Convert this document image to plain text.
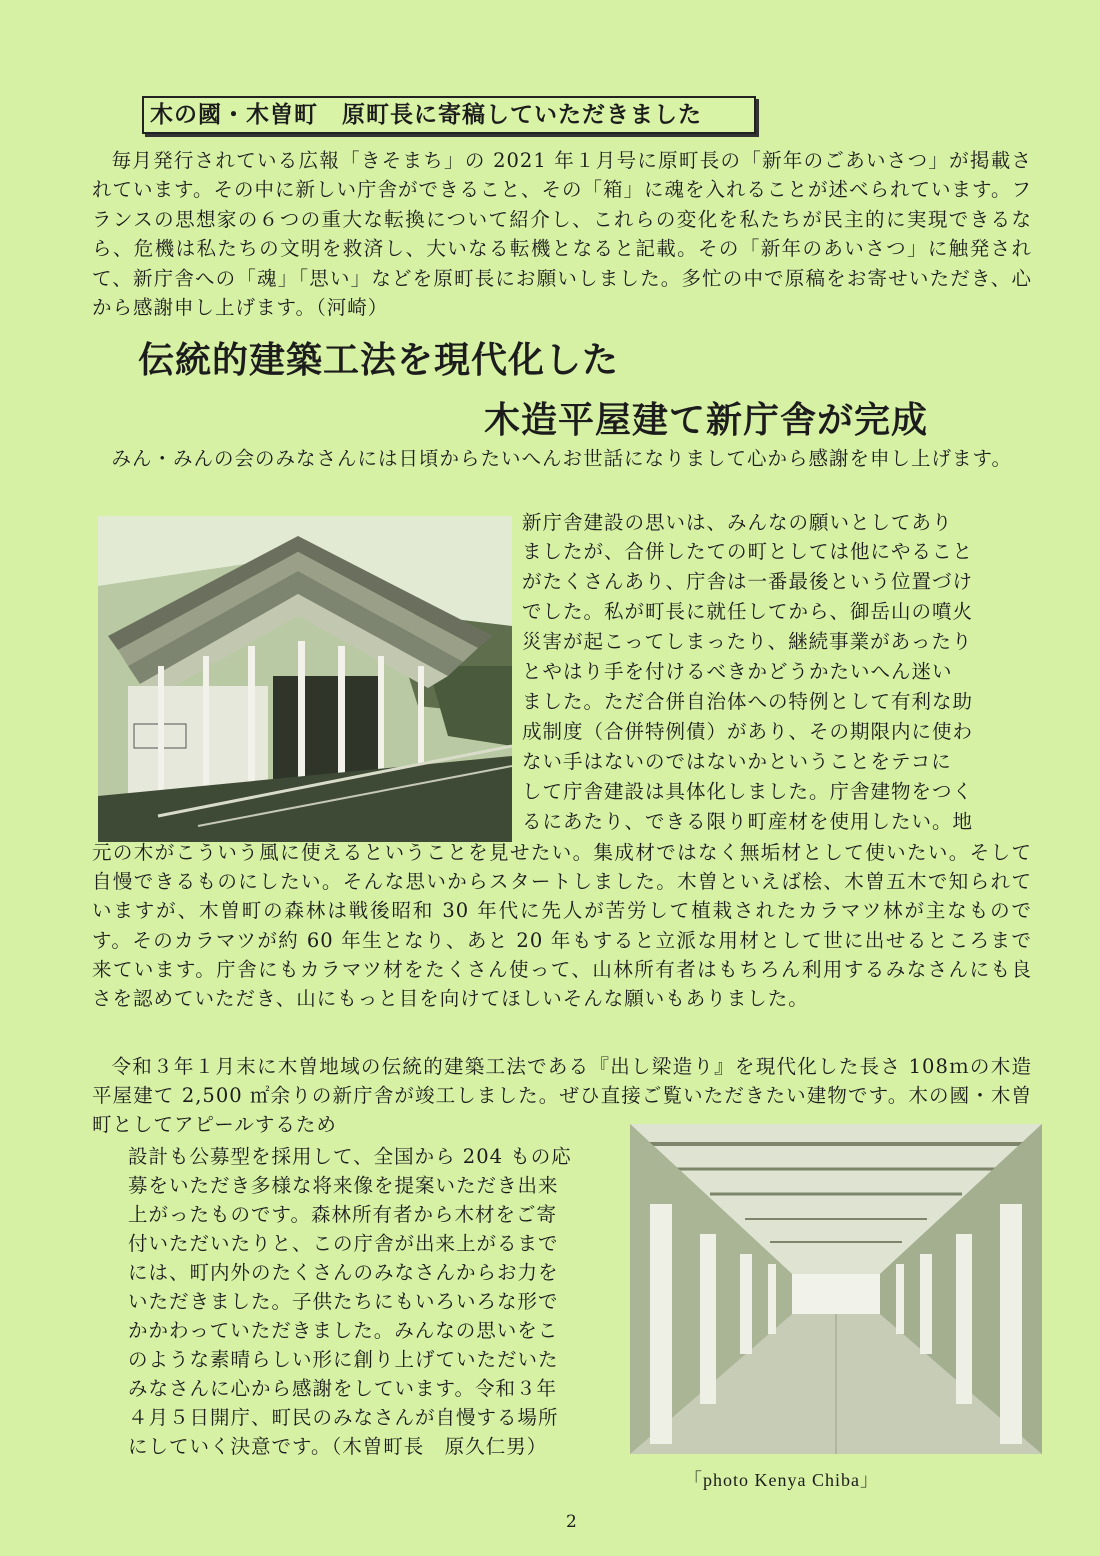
木の國・木曽町　原町長に寄稿していただきました

毎月発行されている広報「きそまち」の 2021 年１月号に原町長の「新年のごあいさつ」が掲載されています。その中に新しい庁舎ができること、その「箱」に魂を入れることが述べられています。フランスの思想家の６つの重大な転換について紹介し、これらの変化を私たちが民主的に実現できるなら、危機は私たちの文明を救済し、大いなる転機となると記載。その「新年のあいさつ」に触発されて、新庁舎への「魂」「思い」などを原町長にお願いしました。多忙の中で原稿をお寄せいただき、心から感謝申し上げます。（河崎）

伝統的建築工法を現代化した
木造平屋建て新庁舎が完成

みん・みんの会のみなさんには日頃からたいへんお世話になりまして心から感謝を申し上げます。

新庁舎建設の思いは、みんなの願いとしてあり

ましたが、合併したての町としては他にやること

がたくさんあり、庁舎は一番最後という位置づけ

でした。私が町長に就任してから、御岳山の噴火

災害が起こってしまったり、継続事業があったり

とやはり手を付けるべきかどうかたいへん迷い

ました。ただ合併自治体への特例として有利な助

成制度（合併特例債）があり、その期限内に使わ

ない手はないのではないかということをテコに

して庁舎建設は具体化しました。庁舎建物をつく

るにあたり、できる限り町産材を使用したい。地

元の木がこういう風に使えるということを見せたい。集成材ではなく無垢材として使いたい。そして自慢できるものにしたい。そんな思いからスタートしました。木曽といえば桧、木曽五木で知られていますが、木曽町の森林は戦後昭和 30 年代に先人が苦労して植栽されたカラマツ林が主なものです。そのカラマツが約 60 年生となり、あと 20 年もすると立派な用材として世に出せるところまで来ています。庁舎にもカラマツ材をたくさん使って、山林所有者はもちろん利用するみなさんにも良さを認めていただき、山にもっと目を向けてほしいそんな願いもありました。

令和３年１月末に木曽地域の伝統的建築工法である『出し梁造り』を現代化した長さ 108ｍの木造平屋建て 2,500 ㎡余りの新庁舎が竣工しました。ぜひ直接ご覧いただきたい建物です。木の國・木曽町としてアピールするため

設計も公募型を採用して、全国から 204 もの応

募をいただき多様な将来像を提案いただき出来

上がったものです。森林所有者から木材をご寄

付いただいたりと、この庁舎が出来上がるまで

には、町内外のたくさんのみなさんからお力を

いただきました。子供たちにもいろいろな形で

かかわっていただきました。みんなの思いをこ

のような素晴らしい形に創り上げていただいた

みなさんに心から感謝をしています。令和３年

４月５日開庁、町民のみなさんが自慢する場所

にしていく決意です。（木曽町長　原久仁男）

「photo Kenya Chiba」
2
